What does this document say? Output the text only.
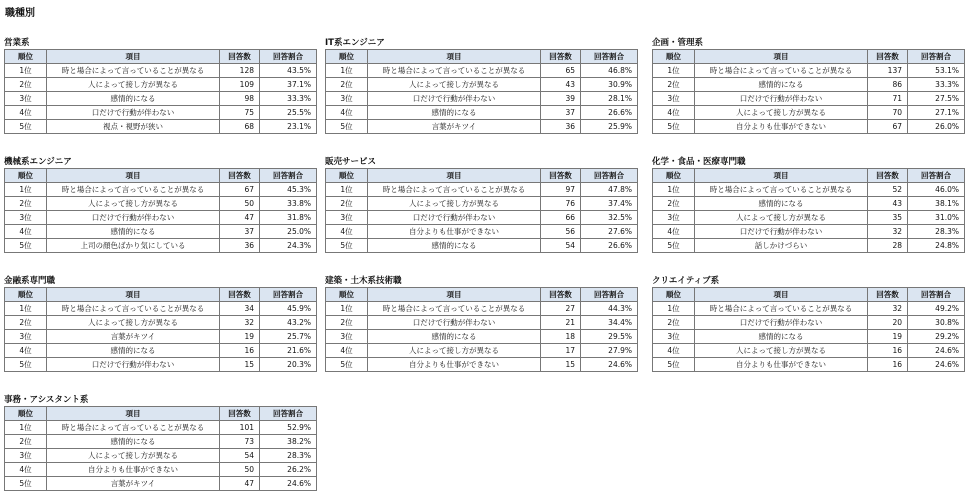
職種別
営業系
順位	項目	回答数	回答割合
1位	時と場合によって言っていることが異なる	128	43.5%
2位	人によって接し方が異なる	109	37.1%
3位	感情的になる	98	33.3%
4位	口だけで行動が伴わない	75	25.5%
5位	視点・視野が狭い	68	23.1%
IT系エンジニア
順位	項目	回答数	回答割合
1位	時と場合によって言っていることが異なる	65	46.8%
2位	人によって接し方が異なる	43	30.9%
3位	口だけで行動が伴わない	39	28.1%
4位	感情的になる	37	26.6%
5位	言葉がキツイ	36	25.9%
企画・管理系
順位	項目	回答数	回答割合
1位	時と場合によって言っていることが異なる	137	53.1%
2位	感情的になる	86	33.3%
3位	口だけで行動が伴わない	71	27.5%
4位	人によって接し方が異なる	70	27.1%
5位	自分よりも仕事ができない	67	26.0%
機械系エンジニア
順位	項目	回答数	回答割合
1位	時と場合によって言っていることが異なる	67	45.3%
2位	人によって接し方が異なる	50	33.8%
3位	口だけで行動が伴わない	47	31.8%
4位	感情的になる	37	25.0%
5位	上司の顔色ばかり気にしている	36	24.3%
販売サービス
順位	項目	回答数	回答割合
1位	時と場合によって言っていることが異なる	97	47.8%
2位	人によって接し方が異なる	76	37.4%
3位	口だけで行動が伴わない	66	32.5%
4位	自分よりも仕事ができない	56	27.6%
5位	感情的になる	54	26.6%
化学・食品・医療専門職
順位	項目	回答数	回答割合
1位	時と場合によって言っていることが異なる	52	46.0%
2位	感情的になる	43	38.1%
3位	人によって接し方が異なる	35	31.0%
4位	口だけで行動が伴わない	32	28.3%
5位	話しかけづらい	28	24.8%
金融系専門職
順位	項目	回答数	回答割合
1位	時と場合によって言っていることが異なる	34	45.9%
2位	人によって接し方が異なる	32	43.2%
3位	言葉がキツイ	19	25.7%
4位	感情的になる	16	21.6%
5位	口だけで行動が伴わない	15	20.3%
建築・土木系技術職
順位	項目	回答数	回答割合
1位	時と場合によって言っていることが異なる	27	44.3%
2位	口だけで行動が伴わない	21	34.4%
3位	感情的になる	18	29.5%
4位	人によって接し方が異なる	17	27.9%
5位	自分よりも仕事ができない	15	24.6%
クリエイティブ系
順位	項目	回答数	回答割合
1位	時と場合によって言っていることが異なる	32	49.2%
2位	口だけで行動が伴わない	20	30.8%
3位	感情的になる	19	29.2%
4位	人によって接し方が異なる	16	24.6%
5位	自分よりも仕事ができない	16	24.6%
事務・アシスタント系
順位	項目	回答数	回答割合
1位	時と場合によって言っていることが異なる	101	52.9%
2位	感情的になる	73	38.2%
3位	人によって接し方が異なる	54	28.3%
4位	自分よりも仕事ができない	50	26.2%
5位	言葉がキツイ	47	24.6%
